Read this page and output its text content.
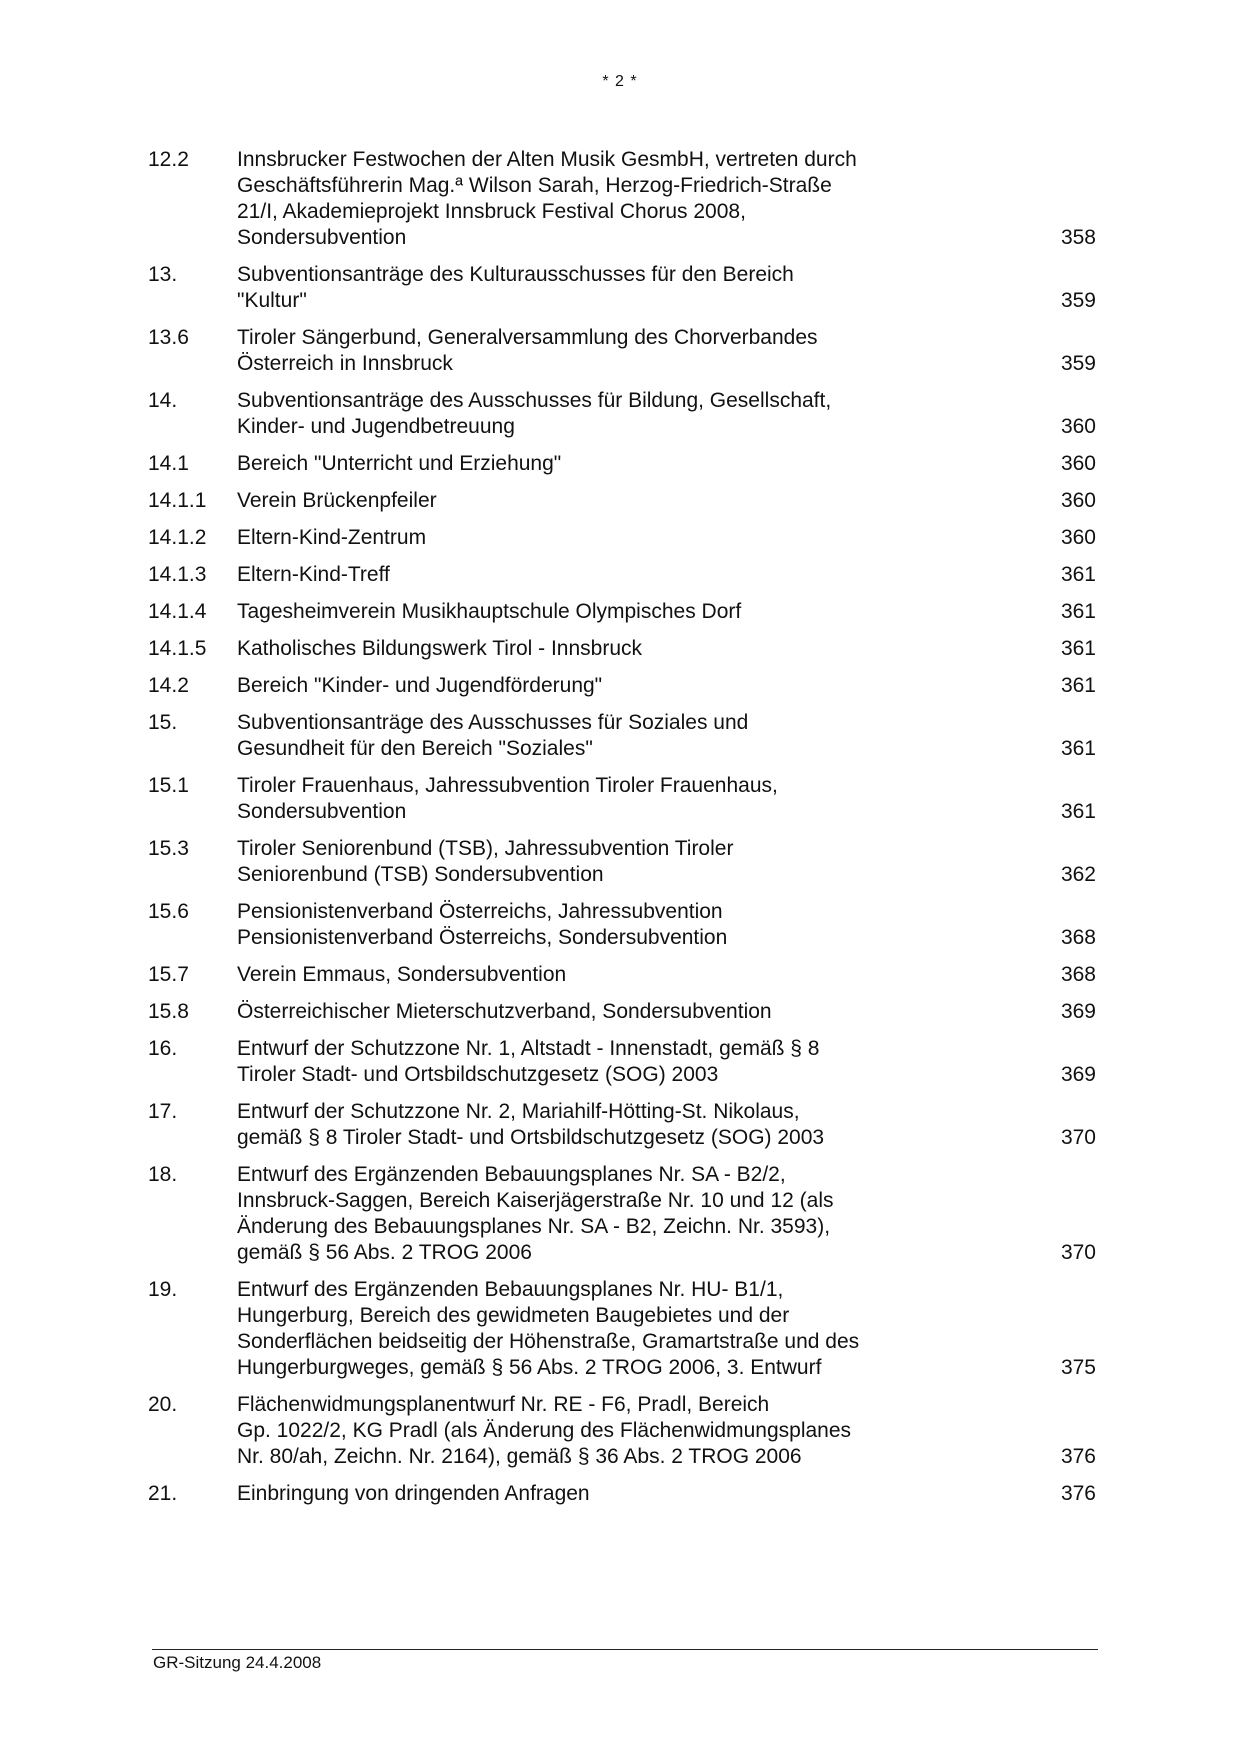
* 2 *
12.2	Innsbrucker Festwochen der Alten Musik GesmbH, vertreten durch
Geschäftsführerin Mag.ª Wilson Sarah, Herzog-Friedrich-Straße
21/I, Akademieprojekt Innsbruck Festival Chorus 2008,
Sondersubvention	358
13.	Subventionsanträge des Kulturausschusses für den Bereich
"Kultur"	359
13.6	Tiroler Sängerbund, Generalversammlung des Chorverbandes
Österreich in Innsbruck	359
14.	Subventionsanträge des Ausschusses für Bildung, Gesellschaft,
Kinder- und Jugendbetreuung	360
14.1	Bereich "Unterricht und Erziehung"	360
14.1.1	Verein Brückenpfeiler	360
14.1.2	Eltern-Kind-Zentrum	360
14.1.3	Eltern-Kind-Treff	361
14.1.4	Tagesheimverein Musikhauptschule Olympisches Dorf	361
14.1.5	Katholisches Bildungswerk Tirol - Innsbruck	361
14.2	Bereich "Kinder- und Jugendförderung"	361
15.	Subventionsanträge des Ausschusses für Soziales und
Gesundheit für den Bereich "Soziales"	361
15.1	Tiroler Frauenhaus, Jahressubvention Tiroler Frauenhaus,
Sondersubvention	361
15.3	Tiroler Seniorenbund (TSB), Jahressubvention Tiroler
Seniorenbund (TSB) Sondersubvention	362
15.6	Pensionistenverband Österreichs, Jahressubvention
Pensionistenverband Österreichs, Sondersubvention	368
15.7	Verein Emmaus, Sondersubvention	368
15.8	Österreichischer Mieterschutzverband, Sondersubvention	369
16.	Entwurf der Schutzzone Nr. 1, Altstadt - Innenstadt, gemäß § 8
Tiroler Stadt- und Ortsbildschutzgesetz (SOG) 2003	369
17.	Entwurf der Schutzzone Nr. 2, Mariahilf-Hötting-St. Nikolaus,
gemäß § 8 Tiroler Stadt- und Ortsbildschutzgesetz (SOG) 2003	370
18.	Entwurf des Ergänzenden Bebauungsplanes Nr. SA - B2/2,
Innsbruck-Saggen, Bereich Kaiserjägerstraße Nr. 10 und 12 (als
Änderung des Bebauungsplanes Nr. SA - B2, Zeichn. Nr. 3593),
gemäß § 56 Abs. 2 TROG 2006	370
19.	Entwurf des Ergänzenden Bebauungsplanes Nr. HU- B1/1,
Hungerburg, Bereich des gewidmeten Baugebietes und der
Sonderflächen beidseitig der Höhenstraße, Gramartstraße und des
Hungerburgweges, gemäß § 56 Abs. 2 TROG 2006, 3. Entwurf	375
20.	Flächenwidmungsplanentwurf Nr. RE - F6, Pradl, Bereich
Gp. 1022/2, KG Pradl (als Änderung des Flächenwidmungsplanes
Nr. 80/ah, Zeichn. Nr. 2164), gemäß § 36 Abs. 2 TROG 2006	376
21.	Einbringung von dringenden Anfragen	376
GR-Sitzung 24.4.2008
